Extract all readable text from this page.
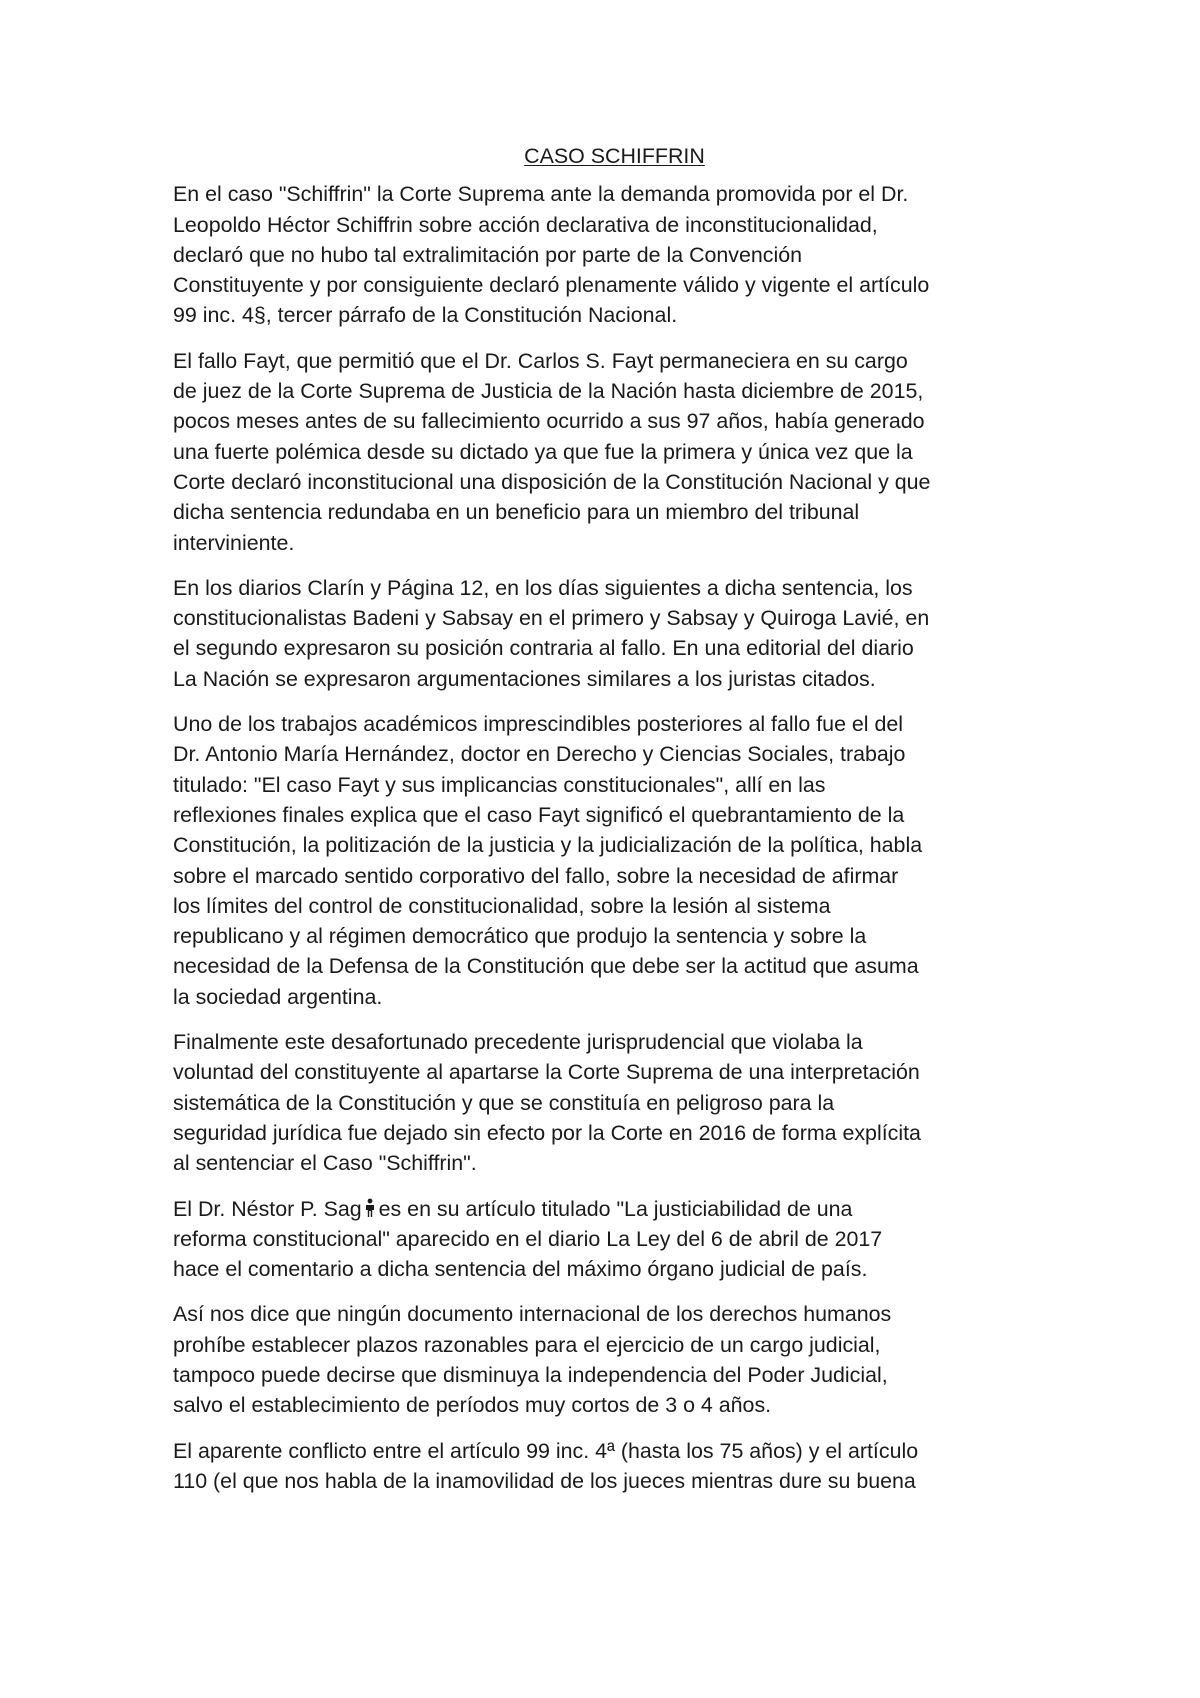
CASO SCHIFFRIN

En el caso "Schiffrin" la Corte Suprema ante la demanda promovida por el Dr.
Leopoldo Héctor Schiffrin sobre acción declarativa de inconstitucionalidad,
declaró que no hubo tal extralimitación por parte de la Convención
Constituyente y por consiguiente declaró plenamente válido y vigente el artículo
99 inc. 4§, tercer párrafo de la Constitución Nacional.

El fallo Fayt, que permitió que el Dr. Carlos S. Fayt permaneciera en su cargo
de juez de la Corte Suprema de Justicia de la Nación hasta diciembre de 2015,
pocos meses antes de su fallecimiento ocurrido a sus 97 años, había generado
una fuerte polémica desde su dictado ya que fue la primera y única vez que la
Corte declaró inconstitucional una disposición de la Constitución Nacional y que
dicha sentencia redundaba en un beneficio para un miembro del tribunal
interviniente.

En los diarios Clarín y Página 12, en los días siguientes a dicha sentencia, los
constitucionalistas Badeni y Sabsay en el primero y Sabsay y Quiroga Lavié, en
el segundo expresaron su posición contraria al fallo. En una editorial del diario
La Nación se expresaron argumentaciones similares a los juristas citados.

Uno de los trabajos académicos imprescindibles posteriores al fallo fue el del
Dr. Antonio María Hernández, doctor en Derecho y Ciencias Sociales, trabajo
titulado: "El caso Fayt y sus implicancias constitucionales", allí en las
reflexiones finales explica que el caso Fayt significó el quebrantamiento de la
Constitución, la politización de la justicia y la judicialización de la política, habla
sobre el marcado sentido corporativo del fallo, sobre la necesidad de afirmar
los límites del control de constitucionalidad, sobre la lesión al sistema
republicano y al régimen democrático que produjo la sentencia y sobre la
necesidad de la Defensa de la Constitución que debe ser la actitud que asuma
la sociedad argentina.

Finalmente este desafortunado precedente jurisprudencial que violaba la
voluntad del constituyente al apartarse la Corte Suprema de una interpretación
sistemática de la Constitución y que se constituía en peligroso para la
seguridad jurídica fue dejado sin efecto por la Corte en 2016 de forma explícita
al sentenciar el Caso "Schiffrin".

El Dr. Néstor P. Sag es en su artículo titulado "La justiciabilidad de una
reforma constitucional" aparecido en el diario La Ley del 6 de abril de 2017
hace el comentario a dicha sentencia del máximo órgano judicial de país.

Así nos dice que ningún documento internacional de los derechos humanos
prohíbe establecer plazos razonables para el ejercicio de un cargo judicial,
tampoco puede decirse que disminuya la independencia del Poder Judicial,
salvo el establecimiento de períodos muy cortos de 3 o 4 años.

El aparente conflicto entre el artículo 99 inc. 4ª (hasta los 75 años) y el artículo
110 (el que nos habla de la inamovilidad de los jueces mientras dure su buena
